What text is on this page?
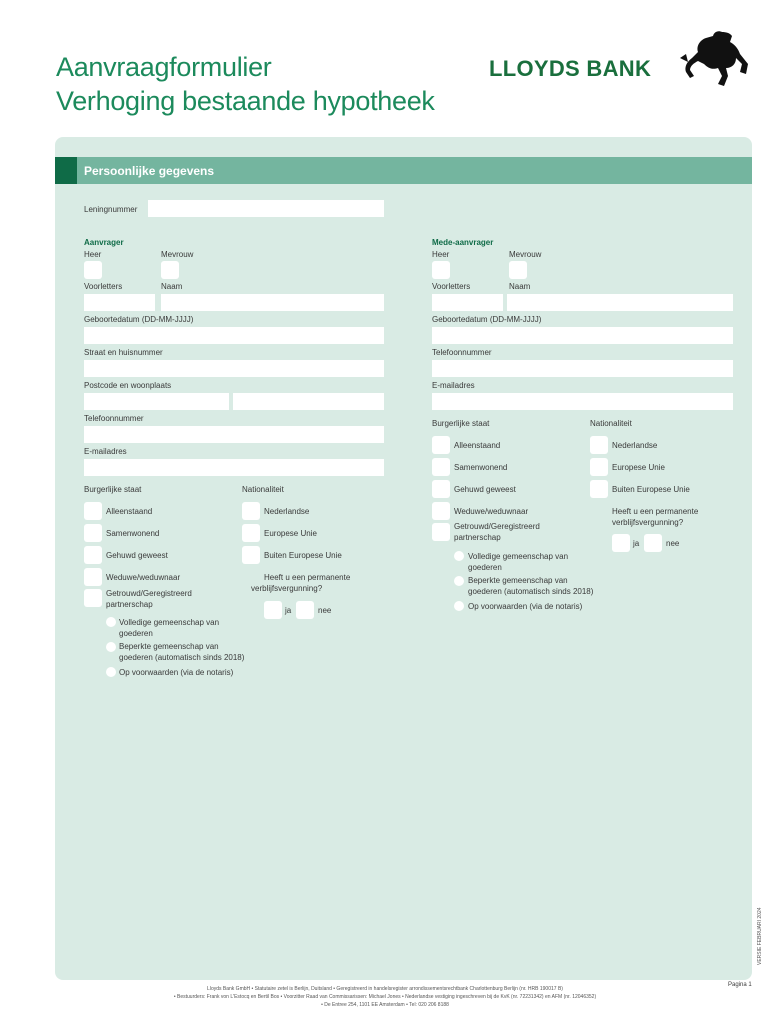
Aanvraagformulier
Verhoging bestaande hypotheek
LLOYDS BANK
Persoonlijke gegevens
Leningnummer
Aanvrager
Heer	Mevrouw
Voorletters	Naam
Geboortedatum (DD-MM-JJJJ)
Straat en huisnummer
Postcode en woonplaats
Telefoonnummer
E-mailadres
Burgerlijke staat	Nationaliteit
Alleenstaand
Samenwonend
Gehuwd geweest
Weduwe/weduwnaar
Getrouwd/Geregistreerd
partnerschap
Volledige gemeenschap van
goederen
Beperkte gemeenschap van
goederen (automatisch sinds 2018)
Op voorwaarden (via de notaris)
Nederlandse
Europese Unie
Buiten Europese Unie
Heeft u een permanente
verblijfsvergunning?
ja	nee
Mede-aanvrager
Heer	Mevrouw
Voorletters	Naam
Geboortedatum (DD-MM-JJJJ)
Telefoonnummer
E-mailadres
Burgerlijke staat	Nationaliteit
Alleenstaand
Samenwonend
Gehuwd geweest
Weduwe/weduwnaar
Getrouwd/Geregistreerd
partnerschap
Volledige gemeenschap van
goederen
Beperkte gemeenschap van
goederen (automatisch sinds 2018)
Op voorwaarden (via de notaris)
Nederlandse
Europese Unie
Buiten Europese Unie
Heeft u een permanente
verblijfsvergunning?
ja	nee
VERSIE FEBRUARI 2024
Pagina 1
Lloyds Bank GmbH • Statutaire zetel is Berlijn, Duitsland • Geregistreerd in handelsregister arrondissementsrechtbank Charlottenburg Berlijn (nr. HRB 190017 B)
• Bestuurders: Frank von L'Estocq en Bertil Bos • Voorzitter Raad van Commissarissen: Michael Jones • Nederlandse vestiging ingeschreven bij de KvK (nr. 72231342) en AFM (nr. 12046352)
• De Entree 254, 1101 EE Amsterdam • Tel: 020 206 8188
